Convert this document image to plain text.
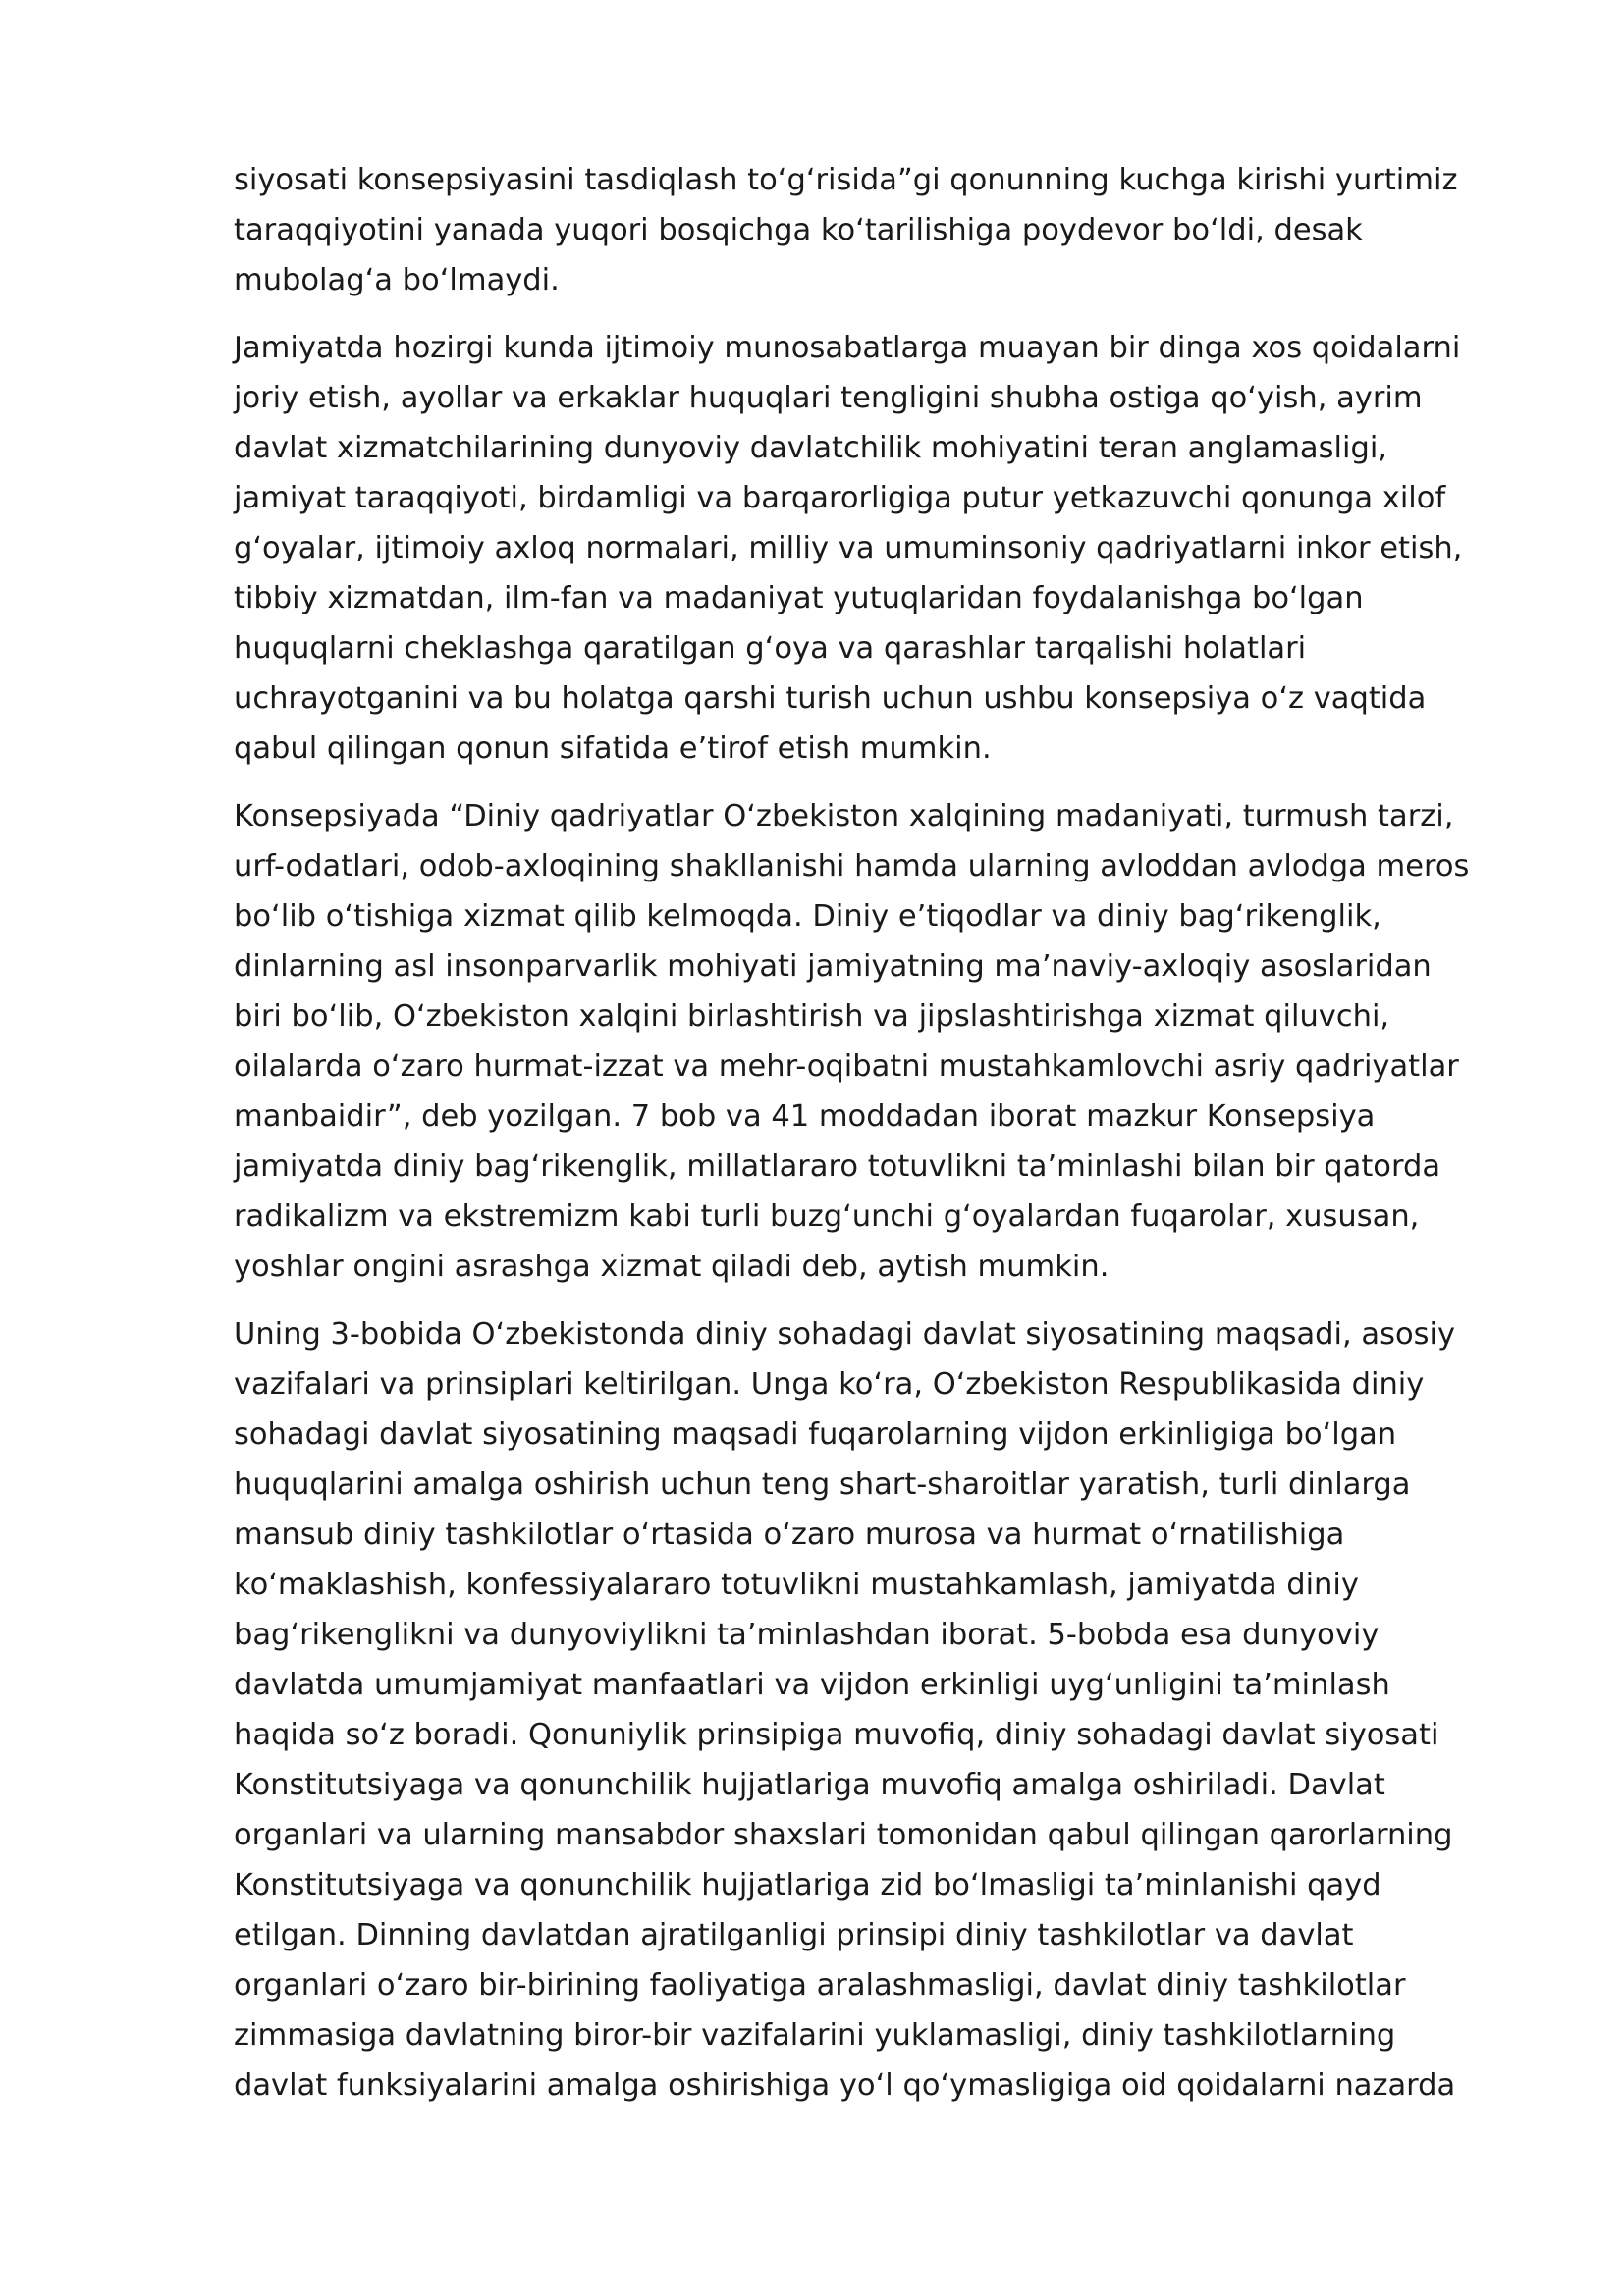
siyosati konsepsiyasini tasdiqlash to‘g‘risida”gi qonunning kuchga kirishi yurtimiz
taraqqiyotini yanada yuqori bosqichga ko‘tarilishiga poydevor bo‘ldi, desak
mubolag‘a bo‘lmaydi.

Jamiyatda hozirgi kunda ijtimoiy munosabatlarga muayan bir dinga xos qoidalarni
joriy etish, ayollar va erkaklar huquqlari tengligini shubha ostiga qo‘yish, ayrim
davlat xizmatchilarining dunyoviy davlatchilik mohiyatini teran anglamasligi,
jamiyat taraqqiyoti, birdamligi va barqarorligiga putur yetkazuvchi qonunga xilof
g‘oyalar, ijtimoiy axloq normalari, milliy va umuminsoniy qadriyatlarni inkor etish,
tibbiy xizmatdan, ilm-fan va madaniyat yutuqlaridan foydalanishga bo‘lgan
huquqlarni cheklashga qaratilgan g‘oya va qarashlar tarqalishi holatlari
uchrayotganini va bu holatga qarshi turish uchun ushbu konsepsiya o‘z vaqtida
qabul qilingan qonun sifatida e’tirof etish mumkin.

Konsepsiyada “Diniy qadriyatlar O‘zbekiston xalqining madaniyati, turmush tarzi,
urf-odatlari, odob-axloqining shakllanishi hamda ularning avloddan avlodga meros
bo‘lib o‘tishiga xizmat qilib kelmoqda. Diniy e’tiqodlar va diniy bag‘rikenglik,
dinlarning asl insonparvarlik mohiyati jamiyatning ma’naviy-axloqiy asoslaridan
biri bo‘lib, O‘zbekiston xalqini birlashtirish va jipslashtirishga xizmat qiluvchi,
oilalarda o‘zaro hurmat-izzat va mehr-oqibatni mustahkamlovchi asriy qadriyatlar
manbaidir”, deb yozilgan. 7 bob va 41 moddadan iborat mazkur Konsepsiya
jamiyatda diniy bag‘rikenglik, millatlararo totuvlikni ta’minlashi bilan bir qatorda
radikalizm va ekstremizm kabi turli buzg‘unchi g‘oyalardan fuqarolar, xususan,
yoshlar ongini asrashga xizmat qiladi deb, aytish mumkin.

Uning 3-bobida O‘zbekistonda diniy sohadagi davlat siyosatining maqsadi, asosiy
vazifalari va prinsiplari keltirilgan. Unga ko‘ra, O‘zbekiston Respublikasida diniy
sohadagi davlat siyosatining maqsadi fuqarolarning vijdon erkinligiga bo‘lgan
huquqlarini amalga oshirish uchun teng shart-sharoitlar yaratish, turli dinlarga
mansub diniy tashkilotlar o‘rtasida o‘zaro murosa va hurmat o‘rnatilishiga
ko‘maklashish, konfessiyalararo totuvlikni mustahkamlash, jamiyatda diniy
bag‘rikenglikni va dunyoviylikni ta’minlashdan iborat. 5-bobda esa dunyoviy
davlatda umumjamiyat manfaatlari va vijdon erkinligi uyg‘unligini ta’minlash
haqida so‘z boradi. Qonuniylik prinsipiga muvofiq, diniy sohadagi davlat siyosati
Konstitutsiyaga va qonunchilik hujjatlariga muvofiq amalga oshiriladi. Davlat
organlari va ularning mansabdor shaxslari tomonidan qabul qilingan qarorlarning
Konstitutsiyaga va qonunchilik hujjatlariga zid bo‘lmasligi ta’minlanishi qayd
etilgan. Dinning davlatdan ajratilganligi prinsipi diniy tashkilotlar va davlat
organlari o‘zaro bir-birining faoliyatiga aralashmasligi, davlat diniy tashkilotlar
zimmasiga davlatning biror-bir vazifalarini yuklamasligi, diniy tashkilotlarning
davlat funksiyalarini amalga oshirishiga yo‘l qo‘ymasligiga oid qoidalarni nazarda
